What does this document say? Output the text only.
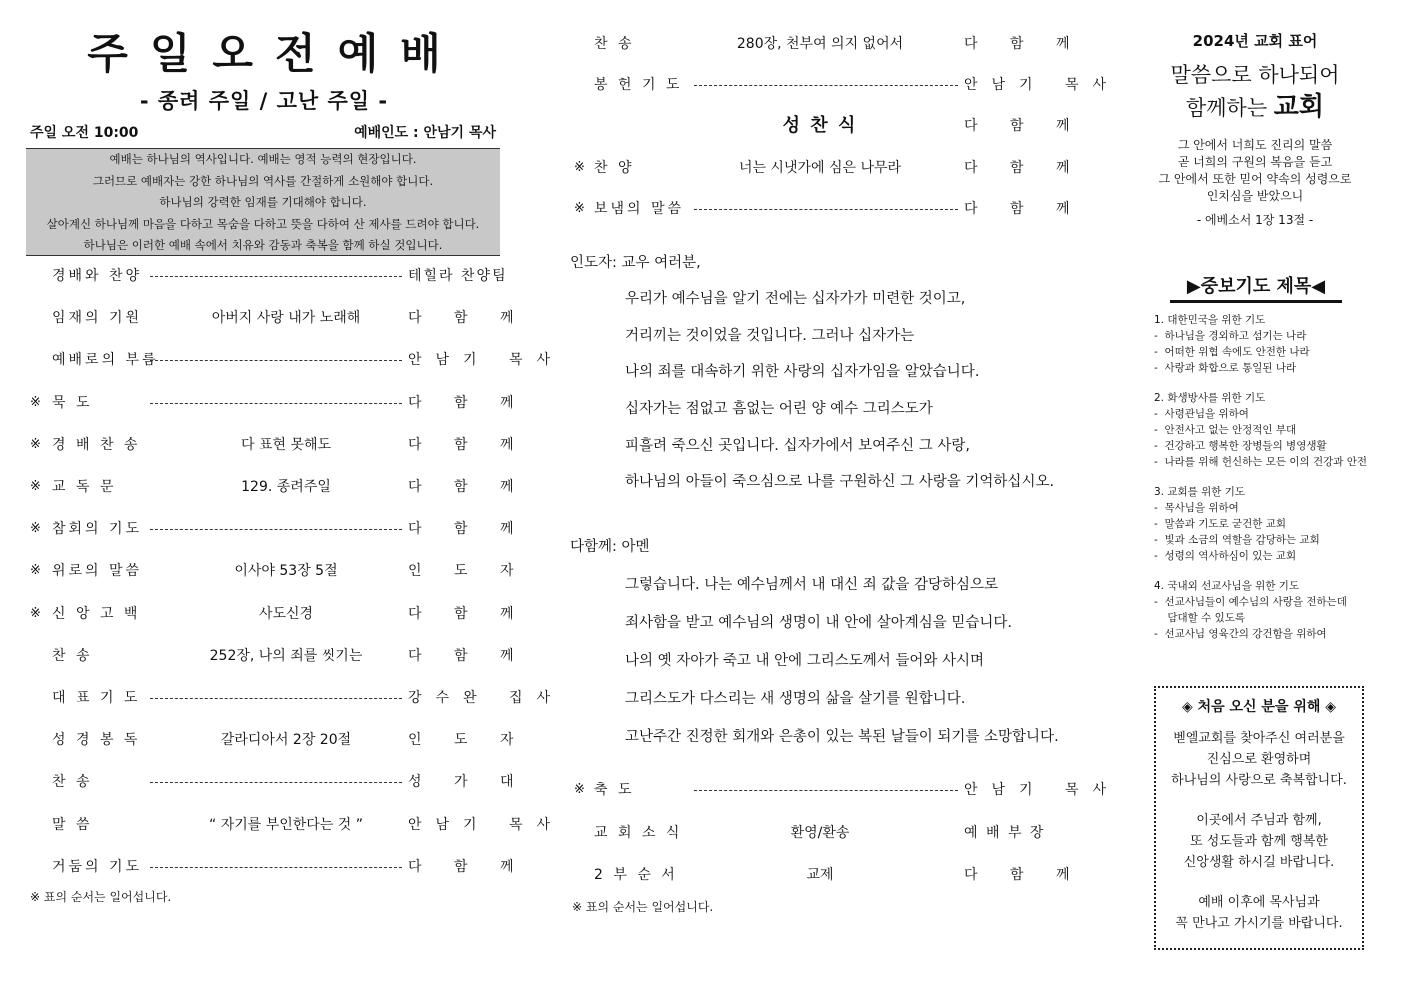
주일오전예배
- 종려 주일 / 고난 주일 -
주일 오전 10:00	예배인도 : 안남기 목사
예배는 하나님의 역사입니다. 예배는 영적 능력의 현장입니다.
그러므로 예배자는 강한 하나님의 역사를 간절하게 소원해야 합니다.
하나님의 강력한 임재를 기대해야 합니다.
살아계신 하나님께 마음을 다하고 목숨을 다하고 뜻을 다하여 산 제사를 드려야 합니다.
하나님은 이러한 예배 속에서 치유와 감동과 축복을 함께 하실 것입니다.
경배와 찬양	테힐라 찬양팀
임재의 기원	아버지 사랑 내가 노래해	다 함 께
예배로의 부름	안남기 목사
※ 묵 도	다 함 께
※ 경 배 찬 송	다 표현 못해도	다 함 께
※ 교 독 문	129. 종려주일	다 함 께
※ 참회의 기도	다 함 께
※ 위로의 말씀	이사야 53장 5절	인 도 자
※ 신 앙 고 백	사도신경	다 함 께
찬 송	252장, 나의 죄를 씻기는	다 함 께
대 표 기 도	강수완 집사
성 경 봉 독	갈라디아서 2장 20절	인 도 자
찬 송	성 가 대
말 씀	“ 자기를 부인한다는 것 ”	안남기 목사
거둠의 기도	다 함 께
※ 표의 순서는 일어섭니다.
찬 송	280장, 천부여 의지 없어서	다 함 께
봉 헌 기 도	안남기 목사
성 찬 식	다 함 께
※ 찬 양	너는 시냇가에 심은 나무라	다 함 께
※ 보냄의 말씀	다 함 께
인도자: 교우 여러분,
우리가 예수님을 알기 전에는 십자가가 미련한 것이고,
거리끼는 것이었을 것입니다. 그러나 십자가는
나의 죄를 대속하기 위한 사랑의 십자가임을 알았습니다.
십자가는 점없고 흠없는 어린 양 예수 그리스도가
피흘려 죽으신 곳입니다. 십자가에서 보여주신 그 사랑,
하나님의 아들이 죽으심으로 나를 구원하신 그 사랑을 기억하십시오.
다함께: 아멘
그렇습니다. 나는 예수님께서 내 대신 죄 값을 감당하심으로
죄사함을 받고 예수님의 생명이 내 안에 살아계심을 믿습니다.
나의 옛 자아가 죽고 내 안에 그리스도께서 들어와 사시며
그리스도가 다스리는 새 생명의 삶을 살기를 원합니다.
고난주간 진정한 회개와 은총이 있는 복된 날들이 되기를 소망합니다.
※ 축 도	안남기 목사
교 회 소 식	환영/환송	예 배 부 장
2 부 순 서	교제	다 함 께
※ 표의 순서는 일어섭니다.
2024년 교회 표어
말씀으로 하나되어
함께하는 교회
그 안에서 너희도 진리의 말씀
곧 너희의 구원의 복음을 듣고
그 안에서 또한 믿어 약속의 성령으로
인치심을 받았으니
- 에베소서 1장 13절 -
▶중보기도 제목◀
1. 대한민국을 위한 기도
-  하나님을 경외하고 섬기는 나라
-  어떠한 위협 속에도 안전한 나라
-  사랑과 화합으로 통일된 나라
2. 화생방사를 위한 기도
-  사령관님을 위하여
-  안전사고 없는 안정적인 부대
-  건강하고 행복한 장병들의 병영생활
-  나라를 위해 헌신하는 모든 이의 건강과 안전
3. 교회를 위한 기도
-  목사님을 위하여
-  말씀과 기도로 굳건한 교회
-  빛과 소금의 역할을 감당하는 교회
-  성령의 역사하심이 있는 교회
4. 국내외 선교사님을 위한 기도
-  선교사님들이 예수님의 사랑을 전하는데
담대할 수 있도록
-  선교사님 영육간의 강건함을 위하여
◈ 처음 오신 분을 위해 ◈
벧엘교회를 찾아주신 여러분을
진심으로 환영하며
하나님의 사랑으로 축복합니다.
이곳에서 주님과 함께,
또 성도들과 함께 행복한
신앙생활 하시길 바랍니다.
예배 이후에 목사님과
꼭 만나고 가시기를 바랍니다.
